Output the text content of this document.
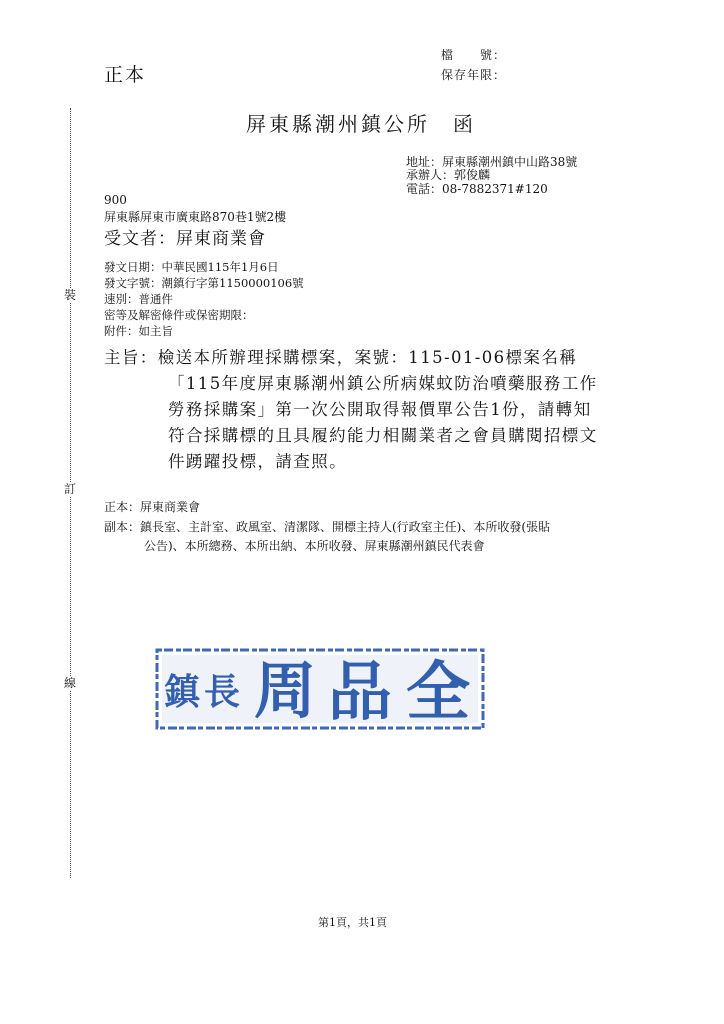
裝
訂
線
正本
檔　　號：
保存年限：
屏東縣潮州鎮公所　函
地址：屏東縣潮州鎮中山路38號
承辦人：郭俊麟
電話：08-7882371#120
900
屏東縣屏東市廣東路870巷1號2樓
受文者：屏東商業會
發文日期：中華民國115年1月6日
發文字號：潮鎮行字第1150000106號
速別：普通件
密等及解密條件或保密期限：
附件：如主旨
主旨：檢送本所辦理採購標案，案號：115-01-06標案名稱
「115年度屏東縣潮州鎮公所病媒蚊防治噴藥服務工作
勞務採購案」第一次公開取得報價單公告1份，請轉知
符合採購標的且具履約能力相關業者之會員購閱招標文
件踴躍投標，請查照。
正本：屏東商業會
副本：鎮長室、主計室、政風室、清潔隊、開標主持人(行政室主任)、本所收發(張貼
公告)、本所總務、本所出納、本所收發、屏東縣潮州鎮民代表會
鎮 長 周 品 全
第1頁，共1頁
